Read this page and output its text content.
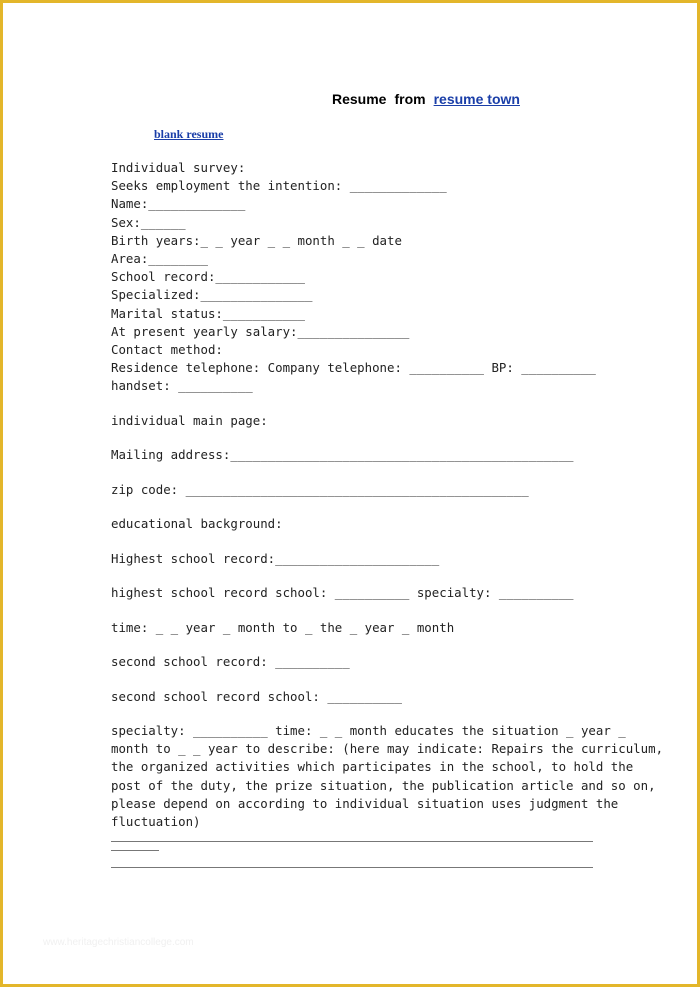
Resume from resume town
blank resume
Individual survey:
Seeks employment the intention: _____________
Name:_____________
Sex:______
Birth years:_ _ year _ _ month _ _ date
Area:________
School record:____________
Specialized:_______________
Marital status:___________
At present yearly salary:_______________
Contact method:
Residence telephone: Company telephone: __________ BP: __________
handset: __________
individual main page:
Mailing address:______________________________________________
zip code: ______________________________________________
educational background:
Highest school record:______________________
highest school record school: __________ specialty: __________
time: _ _ year _ month to _ the _ year _ month
second school record: __________
second school record school: __________
specialty: __________ time: _ _ month educates the situation _ year _
month to _ _ year to describe: (here may indicate: Repairs the curriculum,
the organized activities which participates in the school, to hold the
post of the duty, the prize situation, the publication article and so on,
please depend on according to individual situation uses judgment the
fluctuation)
www.heritagechristiancollege.com
